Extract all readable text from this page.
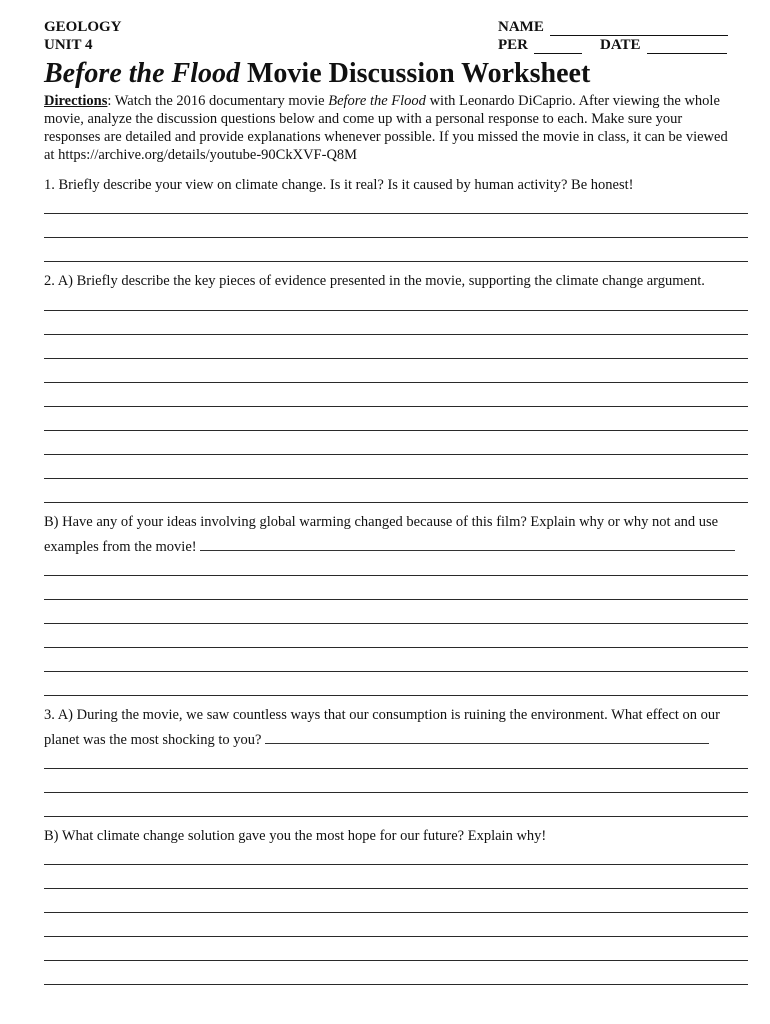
GEOLOGY
UNIT 4
NAME
PER	DATE
Before the Flood Movie Discussion Worksheet
Directions: Watch the 2016 documentary movie Before the Flood with Leonardo DiCaprio. After viewing the whole movie, analyze the discussion questions below and come up with a personal response to each. Make sure your responses are detailed and provide explanations whenever possible. If you missed the movie in class, it can be viewed at https://archive.org/details/youtube-90CkXVF-Q8M
1. Briefly describe your view on climate change. Is it real? Is it caused by human activity? Be honest!
2. A) Briefly describe the key pieces of evidence presented in the movie, supporting the climate change argument.
B) Have any of your ideas involving global warming changed because of this film? Explain why or why not and use examples from the movie!
3. A) During the movie, we saw countless ways that our consumption is ruining the environment. What effect on our planet was the most shocking to you?
B) What climate change solution gave you the most hope for our future? Explain why!
